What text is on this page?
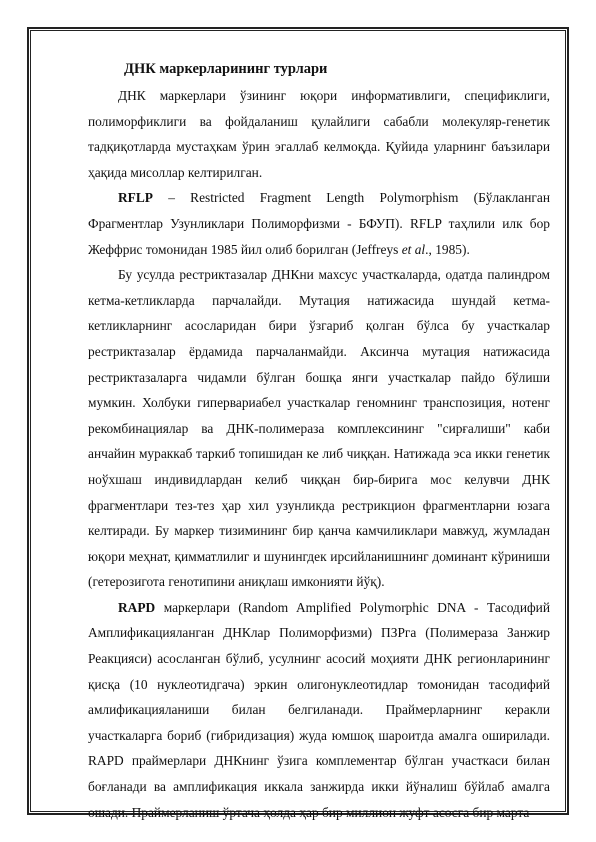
ДНК маркерларининг турлари

ДНК маркерлари ўзининг юқори информативлиги, спецификлиги, полиморфиклиги ва фойдаланиш қулайлиги сабабли молекуляр-генетик тадқиқотларда мустаҳкам ўрин эгаллаб келмоқда. Қуйида уларнинг баъзилари ҳақида мисоллар келтирилган.

RFLP – Restricted Fragment Length Polymorphism (Бўлакланган Фрагментлар Узунликлари Полиморфизми - БФУП). RFLP таҳлили илк бор Жеффрис томонидан 1985 йил олиб борилган (Jeffreys et al., 1985).

Бу усулда рестриктазалар ДНКни махсус участкаларда, одатда палиндром кетма-кетликларда парчалайди. Мутация натижасида шундай кетма-кетликларнинг асосларидан бири ўзгариб қолган бўлса бу участкалар рестриктазалар ёрдамида парчаланмайди. Аксинча мутация натижасида рестриктазаларга чидамли бўлган бошқа янги участкалар пайдо бўлиши мумкин. Холбуки гипервариабел участкалар геномнинг транспозиция, нотенг рекомбинациялар ва ДНК-полимераза комплексининг "сирғалиши" каби анчайин мураккаб таркиб топишидан ке либ чиққан. Натижада эса икки генетик ноўхшаш индивидлардан келиб чиққан бир-бирига мос келувчи ДНК фрагментлари тез-тез ҳар хил узунликда рестрикцион фрагментларни юзага келтиради. Бу маркер тизимининг бир қанча камчиликлари мавжуд, жумладан юқори меҳнат, қимматлилиг и шунингдек ирсийланишнинг доминант кўриниши (гетерозигота генотипини аниқлаш имконияти йўқ).

RAPD маркерлари (Random Amplified Polymorphic DNA - Тасодифий Амплификацияланган ДНКлар Полиморфизми) ПЗРга (Полимераза Занжир Реакцияси) асосланган бўлиб, усулнинг асосий моҳияти ДНК регионларининг қисқа (10 нуклеотидгача) эркин олигонуклеотидлар томонидан тасодифий амлификацияланиши билан белгиланади. Праймерларнинг керакли участкаларга бориб (гибридизация) жуда юмшоқ шароитда амалга оширилади. RAPD праймерлари ДНКнинг ўзига комплементар бўлган участкаси билан боғланади ва амплификация иккала занжирда икки йўналиш бўйлаб амалга ошади. Праймерланиш ўртача ҳолда ҳар бир миллион жуфт асосга бир марта
